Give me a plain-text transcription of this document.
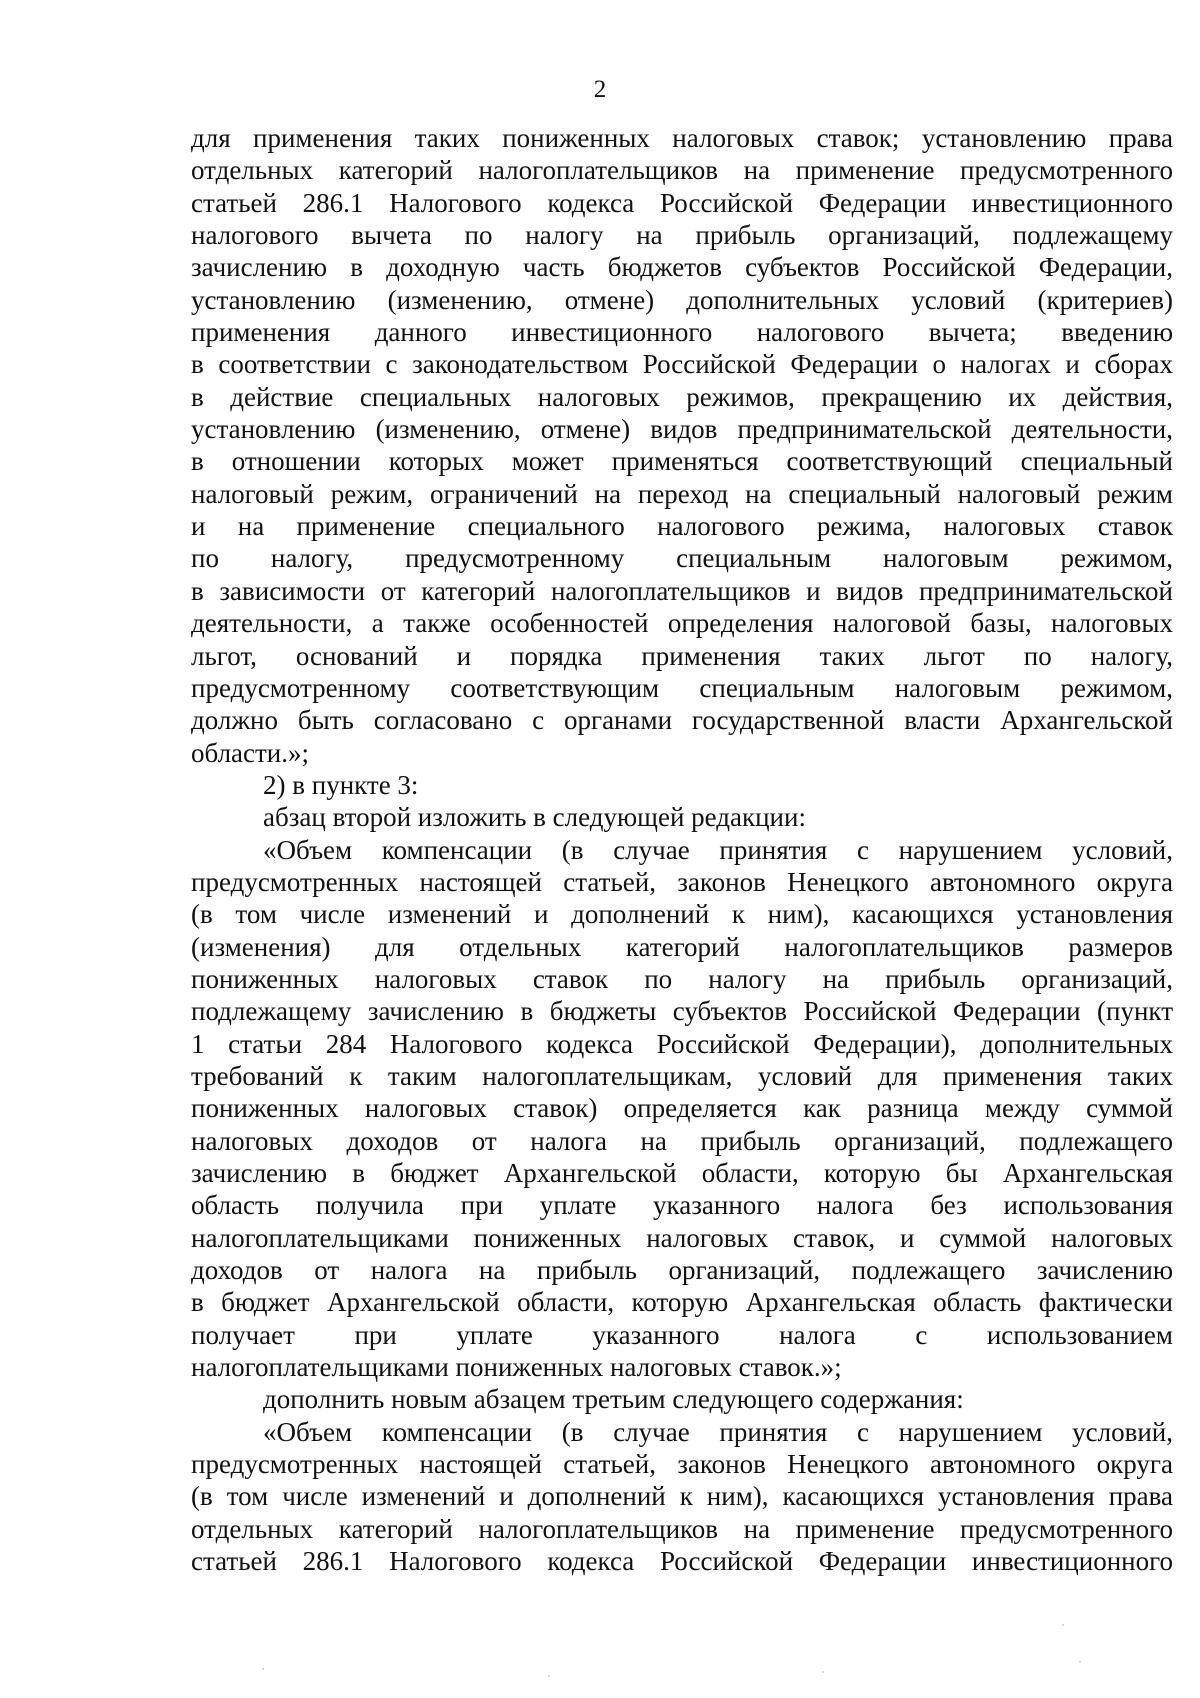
2
для применения таких пониженных налоговых ставок; установлению права
отдельных категорий налогоплательщиков на применение предусмотренного
статьей 286.1 Налогового кодекса Российской Федерации инвестиционного
налогового вычета по налогу на прибыль организаций, подлежащему
зачислению в доходную часть бюджетов субъектов Российской Федерации,
установлению (изменению, отмене) дополнительных условий (критериев)
применения данного инвестиционного налогового вычета; введению
в соответствии с законодательством Российской Федерации о налогах и сборах
в действие специальных налоговых режимов, прекращению их действия,
установлению (изменению, отмене) видов предпринимательской деятельности,
в отношении которых может применяться соответствующий специальный
налоговый режим, ограничений на переход на специальный налоговый режим
и на применение специального налогового режима, налоговых ставок
по налогу, предусмотренному специальным налоговым режимом,
в зависимости от категорий налогоплательщиков и видов предпринимательской
деятельности, а также особенностей определения налоговой базы, налоговых
льгот, оснований и порядка применения таких льгот по налогу,
предусмотренному соответствующим специальным налоговым режимом,
должно быть согласовано с органами государственной власти Архангельской
области.»;
2) в пункте 3:
абзац второй изложить в следующей редакции:
«Объем компенсации (в случае принятия с нарушением условий,
предусмотренных настоящей статьей, законов Ненецкого автономного округа
(в том числе изменений и дополнений к ним), касающихся установления
(изменения) для отдельных категорий налогоплательщиков размеров
пониженных налоговых ставок по налогу на прибыль организаций,
подлежащему зачислению в бюджеты субъектов Российской Федерации (пункт
1 статьи 284 Налогового кодекса Российской Федерации), дополнительных
требований к таким налогоплательщикам, условий для применения таких
пониженных налоговых ставок) определяется как разница между суммой
налоговых доходов от налога на прибыль организаций, подлежащего
зачислению в бюджет Архангельской области, которую бы Архангельская
область получила при уплате указанного налога без использования
налогоплательщиками пониженных налоговых ставок, и суммой налоговых
доходов от налога на прибыль организаций, подлежащего зачислению
в бюджет Архангельской области, которую Архангельская область фактически
получает при уплате указанного налога с использованием
налогоплательщиками пониженных налоговых ставок.»;
дополнить новым абзацем третьим следующего содержания:
«Объем компенсации (в случае принятия с нарушением условий,
предусмотренных настоящей статьей, законов Ненецкого автономного округа
(в том числе изменений и дополнений к ним), касающихся установления права
отдельных категорий налогоплательщиков на применение предусмотренного
статьей 286.1 Налогового кодекса Российской Федерации инвестиционного
